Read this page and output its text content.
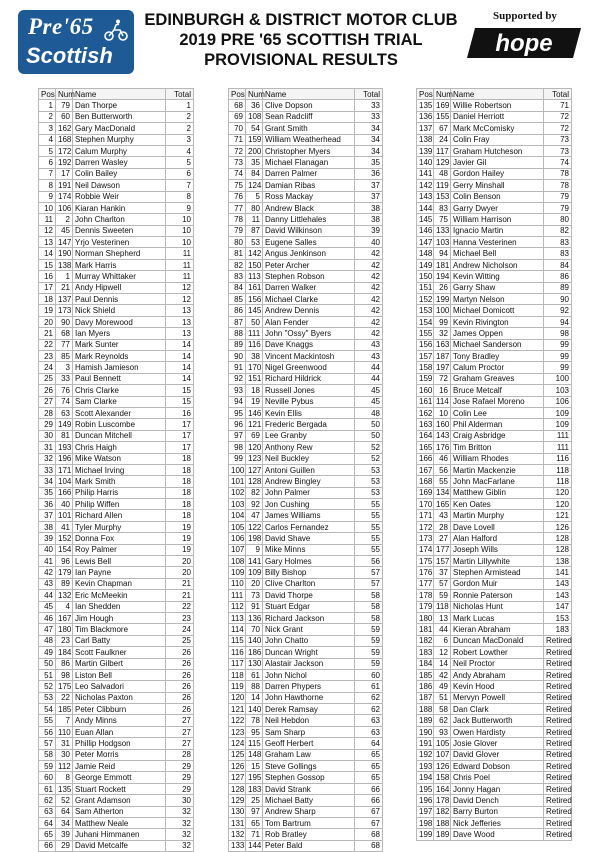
Pre'65
Scottish
EDINBURGH & DISTRICT MOTOR CLUB
2019 PRE '65 SCOTTISH TRIAL
PROVISIONAL RESULTS
Supported by
hope
Pos	Num	Name	Total
1	79	Dan Thorpe	1
2	60	Ben Butterworth	2
3	162	Gary MacDonald	2
4	168	Stephen Murphy	3
5	172	Calum Murphy	4
6	192	Darren Wasley	5
7	17	Colin Bailey	6
8	191	Neil Dawson	7
9	174	Robbie Weir	8
10	106	Kiaran Hankin	9
11	2	John Charlton	10
12	45	Dennis Sweeten	10
13	147	Yrjo Vesterinen	10
14	190	Norman Shepherd	11
15	138	Mark Harris	11
16	1	Murray Whittaker	11
17	21	Andy Hipwell	12
18	137	Paul Dennis	12
19	173	Nick Shield	13
20	90	Davy Morewood	13
21	68	Ian Myers	13
22	77	Mark Sunter	14
23	85	Mark Reynolds	14
24	3	Hamish Jamieson	14
25	33	Paul Bennett	14
26	76	Chris Clarke	15
27	74	Sam Clarke	15
28	63	Scott Alexander	16
29	149	Robin Luscombe	17
30	81	Duncan Mitchell	17
31	193	Chris Haigh	17
32	196	Mike Watson	18
33	171	Michael Irving	18
34	104	Mark Smith	18
35	166	Philip Harris	18
36	40	Philip Wiffen	18
37	101	Richard Allen	18
38	41	Tyler Murphy	19
39	152	Donna Fox	19
40	154	Roy Palmer	19
41	96	Lewis Bell	20
42	179	Ian Payne	20
43	89	Kevin Chapman	21
44	132	Eric McMeekin	21
45	4	Ian Shedden	22
46	167	Jim Hough	23
47	180	Tim Blackmore	24
48	23	Carl Batty	25
49	184	Scott Faulkner	26
50	86	Martin Gilbert	26
51	98	Liston Bell	26
52	175	Leo Salvadori	26
53	22	Nicholas Paxton	26
54	185	Peter Clibburn	26
55	7	Andy Minns	27
56	110	Euan Allan	27
57	31	Phillip Hodgson	27
58	30	Peter Morris	28
59	112	Jamie Reid	29
60	8	George Emmott	29
61	135	Stuart Rockett	29
62	52	Grant Adamson	30
63	64	Sam Atherton	32
64	34	Matthew Neale	32
65	39	Juhani Himmanen	32
66	29	David Metcalfe	32
Pos	Num	Name	Total
68	36	Clive Dopson	33
69	108	Sean Radcliff	33
70	54	Grant Smith	34
71	159	William Weatherhead	34
72	200	Christopher Myers	34
73	35	Michael Flanagan	35
74	84	Darren Palmer	36
75	124	Damian Ribas	37
76	5	Ross Mackay	37
77	80	Andrew Black	38
78	11	Danny Littlehales	38
79	87	David Wilkinson	39
80	53	Eugene Salles	40
81	142	Angus Jenkinson	42
82	150	Peter Archer	42
83	113	Stephen Robson	42
84	161	Darren Walker	42
85	156	Michael Clarke	42
86	145	Andrew Dennis	42
87	50	Alan Fender	42
88	111	John "Ossy" Byers	42
89	116	Dave Knaggs	43
90	38	Vincent Mackintosh	43
91	170	Nigel Greenwood	44
92	151	Richard Hildrick	44
93	18	Russell Jones	45
94	19	Neville Pybus	45
95	146	Kevin Ellis	48
96	121	Frederic Bergada	50
97	69	Lee Granby	50
98	120	Anthony Rew	52
99	123	Neil Buckley	52
100	127	Antoni Guillen	53
101	128	Andrew Bingley	53
102	82	John Palmer	53
103	92	Jon Cushing	55
104	47	James Williams	55
105	122	Carlos Fernandez	55
106	198	David Shave	55
107	9	Mike Minns	55
108	141	Gary Holmes	56
109	109	Billy Bishop	57
110	20	Clive Charlton	57
111	73	David Thorpe	58
112	91	Stuart Edgar	58
113	136	Richard Jackson	58
114	70	Nick Grant	59
115	140	John Chatto	59
116	186	Duncan Wright	59
117	130	Alastair Jackson	59
118	61	John Nichol	60
119	88	Darren Phypers	61
120	14	John Hawthorne	62
121	140	Derek Ramsay	62
122	78	Neil Hebdon	63
123	95	Sam Sharp	63
124	115	Geoff Herbert	64
125	148	Graham Law	65
126	15	Steve Gollings	65
127	195	Stephen Gossop	65
128	183	David Strank	66
129	25	Michael Batty	66
130	97	Andrew Sharp	67
131	65	Tom Bartrum	67
132	71	Rob Bratley	68
133	144	Peter Bald	68
Pos	Num	Name	Total
135	169	Willie Robertson	71
136	155	Daniel Herriott	72
137	67	Mark McComisky	72
138	24	Colin Fray	73
139	117	Graham Hutcheson	73
140	129	Javier Gil	74
141	48	Gordon Hailey	78
142	119	Gerry Minshall	78
143	153	Colin Benson	79
144	83	Garry Dwyer	79
145	75	William Harrison	80
146	133	Ignacio Martin	82
147	103	Hanna Vesterinen	83
148	94	Michael Bell	83
149	181	Andrew Nicholson	84
150	194	Kevin Witting	86
151	26	Garry Shaw	89
152	199	Martyn Nelson	90
153	100	Michael Domicott	92
154	99	Kevin Rivington	94
155	32	James Oppen	98
156	163	Michael Sanderson	99
157	187	Tony Bradley	99
158	197	Calum Proctor	99
159	72	Graham Greaves	100
160	16	Bruce Metcalf	103
161	114	Jose Rafael Moreno	106
162	10	Colin Lee	109
163	160	Phil Alderman	109
164	143	Craig Asbridge	111
165	176	Tim Britton	111
166	46	William Rhodes	116
167	56	Martin Mackenzie	118
168	55	John MacFarlane	118
169	134	Matthew Giblin	120
170	165	Ken Oates	120
171	43	Martin Murphy	121
172	28	Dave Lovell	126
173	27	Alan Halford	128
174	177	Joseph Wills	128
175	157	Martin Lillywhite	138
176	37	Stephen Armistead	141
177	57	Gordon Muir	143
178	59	Ronnie Paterson	143
179	118	Nicholas Hunt	147
180	13	Mark Lucas	153
181	44	Kieran Abraham	183
182	6	Duncan MacDonald	Retired
183	12	Robert Lowther	Retired
184	14	Neil Proctor	Retired
185	42	Andy Abraham	Retired
186	49	Kevin Hood	Retired
187	51	Mervyn Powell	Retired
188	58	Dan Clark	Retired
189	62	Jack Butterworth	Retired
190	93	Owen Hardisty	Retired
191	105	Josie Glover	Retired
192	107	David Glover	Retired
193	126	Edward Dobson	Retired
194	158	Chris Poel	Retired
195	164	Jonny Hagan	Retired
196	178	David Dench	Retired
197	182	Barry Burton	Retired
198	188	Nick Jefferies	Retired
199	189	Dave Wood	Retired
